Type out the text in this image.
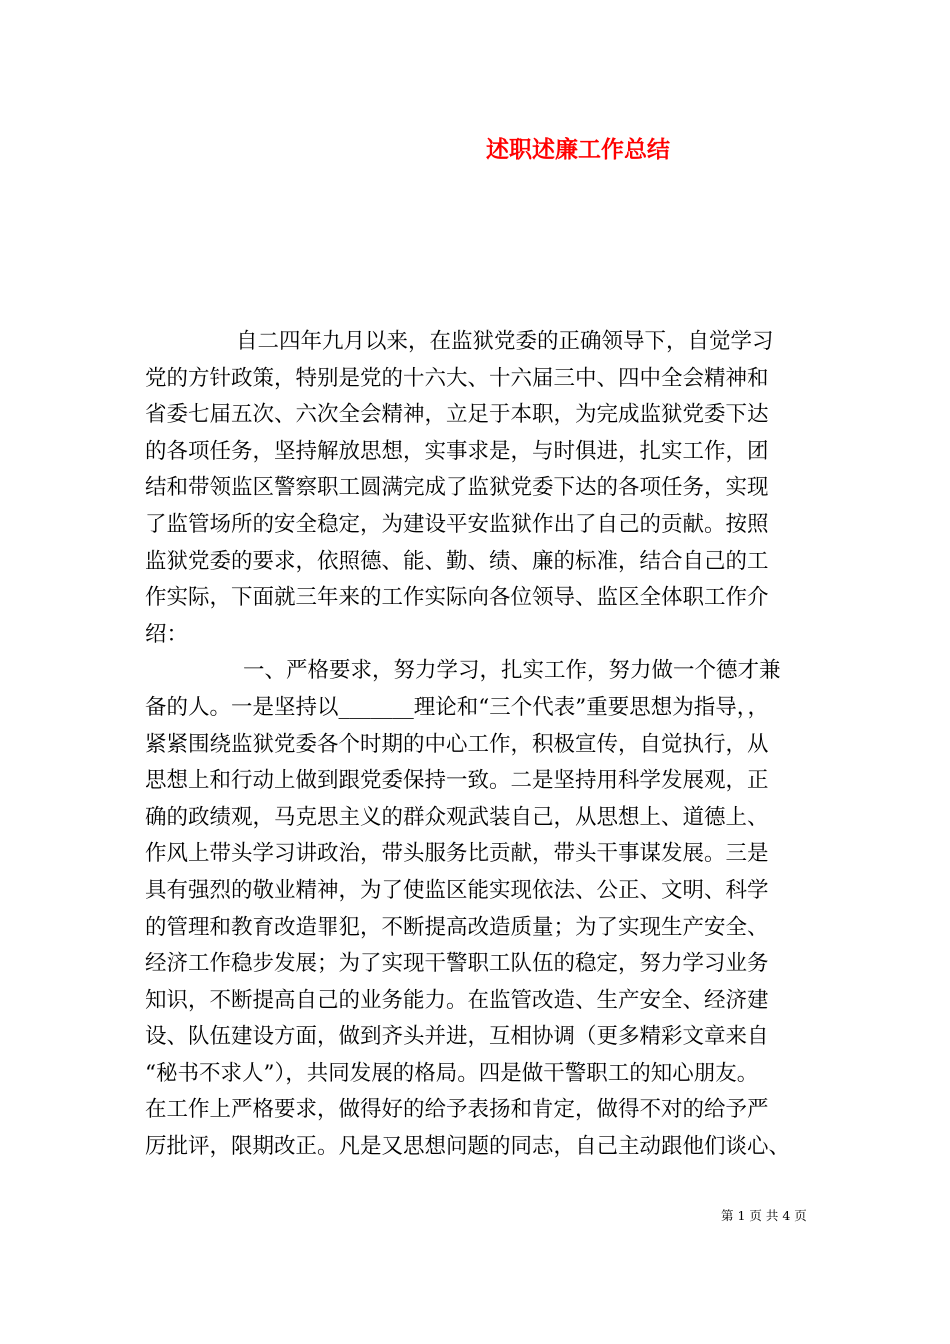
述职述廉工作总结
自二四年九月以来，在监狱党委的正确领导下，自觉学习
党的方针政策，特别是党的十六大、十六届三中、四中全会精神和
省委七届五次、六次全会精神，立足于本职，为完成监狱党委下达
的各项任务，坚持解放思想，实事求是，与时俱进，扎实工作，团
结和带领监区警察职工圆满完成了监狱党委下达的各项任务，实现
了监管场所的安全稳定，为建设平安监狱作出了自己的贡献。按照
监狱党委的要求，依照德、能、勤、绩、廉的标准，结合自己的工
作实际，下面就三年来的工作实际向各位领导、监区全体职工作介
绍：
一、严格要求，努力学习，扎实工作，努力做一个德才兼
备的人。一是坚持以_______理论和“三个代表”重要思想为指导，，
紧紧围绕监狱党委各个时期的中心工作，积极宣传，自觉执行，从
思想上和行动上做到跟党委保持一致。二是坚持用科学发展观，正
确的政绩观，马克思主义的群众观武装自己，从思想上、道德上、
作风上带头学习讲政治，带头服务比贡献，带头干事谋发展。三是
具有强烈的敬业精神，为了使监区能实现依法、公正、文明、科学
的管理和教育改造罪犯，不断提高改造质量；为了实现生产安全、
经济工作稳步发展；为了实现干警职工队伍的稳定，努力学习业务
知识，不断提高自己的业务能力。在监管改造、生产安全、经济建
设、队伍建设方面，做到齐头并进，互相协调（更多精彩文章来自
“秘书不求人”），共同发展的格局。四是做干警职工的知心朋友。
在工作上严格要求，做得好的给予表扬和肯定，做得不对的给予严
厉批评，限期改正。凡是又思想问题的同志，自己主动跟他们谈心、
第 1 页 共 4 页
